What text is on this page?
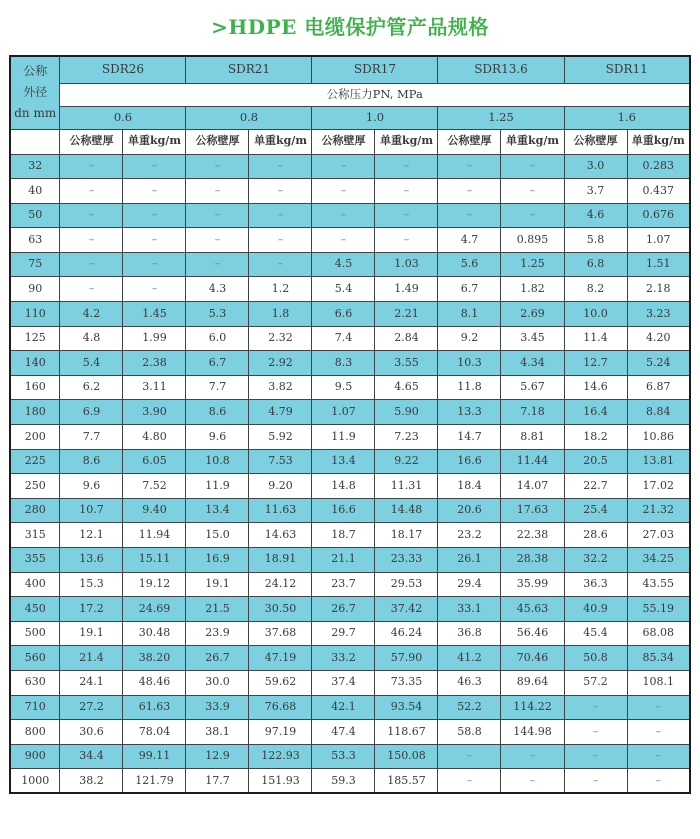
>HDPE 电缆保护管产品规格
公称
外径
dn mm	SDR26		SDR21		SDR17		SDR13.6		SDR11	
	公称压力PN, MPa									
	0.6		0.8		1.0		1.25		1.6	
	公称壁厚	单重kg/m	公称壁厚	单重kg/m	公称壁厚	单重kg/m	公称壁厚	单重kg/m	公称壁厚	单重kg/m
32	–	–	–	–	–	–	–	–	3.0	0.283
40	–	–	–	–	–	–	–	–	3.7	0.437
50	–	–	–	–	–	–	–	–	4.6	0.676
63	–	–	–	–	–	–	4.7	0.895	5.8	1.07
75	–	–	–	–	4.5	1.03	5.6	1.25	6.8	1.51
90	–	–	4.3	1.2	5.4	1.49	6.7	1.82	8.2	2.18
110	4.2	1.45	5.3	1.8	6.6	2.21	8.1	2.69	10.0	3.23
125	4.8	1.99	6.0	2.32	7.4	2.84	9.2	3.45	11.4	4.20
140	5.4	2.38	6.7	2.92	8.3	3.55	10.3	4.34	12.7	5.24
160	6.2	3.11	7.7	3.82	9.5	4.65	11.8	5.67	14.6	6.87
180	6.9	3.90	8.6	4.79	1.07	5.90	13.3	7.18	16.4	8.84
200	7.7	4.80	9.6	5.92	11.9	7.23	14.7	8.81	18.2	10.86
225	8.6	6.05	10.8	7.53	13.4	9.22	16.6	11.44	20.5	13.81
250	9.6	7.52	11.9	9.20	14.8	11.31	18.4	14.07	22.7	17.02
280	10.7	9.40	13.4	11.63	16.6	14.48	20.6	17.63	25.4	21.32
315	12.1	11.94	15.0	14.63	18.7	18.17	23.2	22.38	28.6	27.03
355	13.6	15.11	16.9	18.91	21.1	23.33	26.1	28.38	32.2	34.25
400	15.3	19.12	19.1	24.12	23.7	29.53	29.4	35.99	36.3	43.55
450	17.2	24.69	21.5	30.50	26.7	37.42	33.1	45.63	40.9	55.19
500	19.1	30.48	23.9	37.68	29.7	46.24	36.8	56.46	45.4	68.08
560	21.4	38.20	26.7	47.19	33.2	57.90	41.2	70.46	50.8	85.34
630	24.1	48.46	30.0	59.62	37.4	73.35	46.3	89.64	57.2	108.1
710	27.2	61.63	33.9	76.68	42.1	93.54	52.2	114.22	–	–
800	30.6	78.04	38.1	97.19	47.4	118.67	58.8	144.98	–	–
900	34.4	99.11	12.9	122.93	53.3	150.08	–	–	–	–
1000	38.2	121.79	17.7	151.93	59.3	185.57	–	–	–	–
